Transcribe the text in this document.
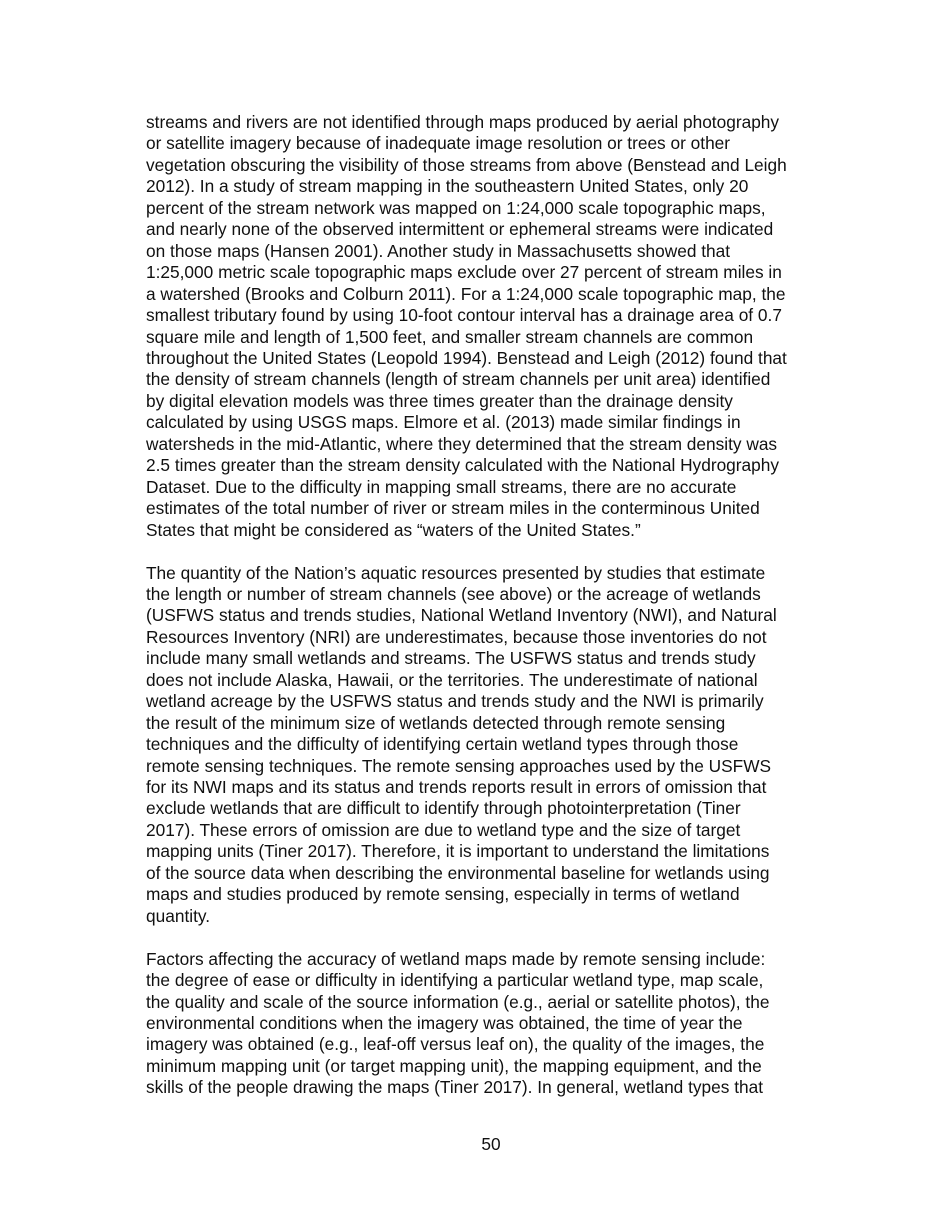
streams and rivers are not identified through maps produced by aerial photography
or satellite imagery because of inadequate image resolution or trees or other
vegetation obscuring the visibility of those streams from above (Benstead and Leigh
2012). In a study of stream mapping in the southeastern United States, only 20
percent of the stream network was mapped on 1:24,000 scale topographic maps,
and nearly none of the observed intermittent or ephemeral streams were indicated
on those maps (Hansen 2001). Another study in Massachusetts showed that
1:25,000 metric scale topographic maps exclude over 27 percent of stream miles in
a watershed (Brooks and Colburn 2011). For a 1:24,000 scale topographic map, the
smallest tributary found by using 10-foot contour interval has a drainage area of 0.7
square mile and length of 1,500 feet, and smaller stream channels are common
throughout the United States (Leopold 1994). Benstead and Leigh (2012) found that
the density of stream channels (length of stream channels per unit area) identified
by digital elevation models was three times greater than the drainage density
calculated by using USGS maps. Elmore et al. (2013) made similar findings in
watersheds in the mid-Atlantic, where they determined that the stream density was
2.5 times greater than the stream density calculated with the National Hydrography
Dataset. Due to the difficulty in mapping small streams, there are no accurate
estimates of the total number of river or stream miles in the conterminous United
States that might be considered as “waters of the United States.”

The quantity of the Nation’s aquatic resources presented by studies that estimate
the length or number of stream channels (see above) or the acreage of wetlands
(USFWS status and trends studies, National Wetland Inventory (NWI), and Natural
Resources Inventory (NRI) are underestimates, because those inventories do not
include many small wetlands and streams. The USFWS status and trends study
does not include Alaska, Hawaii, or the territories. The underestimate of national
wetland acreage by the USFWS status and trends study and the NWI is primarily
the result of the minimum size of wetlands detected through remote sensing
techniques and the difficulty of identifying certain wetland types through those
remote sensing techniques. The remote sensing approaches used by the USFWS
for its NWI maps and its status and trends reports result in errors of omission that
exclude wetlands that are difficult to identify through photointerpretation (Tiner
2017). These errors of omission are due to wetland type and the size of target
mapping units (Tiner 2017). Therefore, it is important to understand the limitations
of the source data when describing the environmental baseline for wetlands using
maps and studies produced by remote sensing, especially in terms of wetland
quantity.

Factors affecting the accuracy of wetland maps made by remote sensing include:
the degree of ease or difficulty in identifying a particular wetland type, map scale,
the quality and scale of the source information (e.g., aerial or satellite photos), the
environmental conditions when the imagery was obtained, the time of year the
imagery was obtained (e.g., leaf-off versus leaf on), the quality of the images, the
minimum mapping unit (or target mapping unit), the mapping equipment, and the
skills of the people drawing the maps (Tiner 2017). In general, wetland types that

50
